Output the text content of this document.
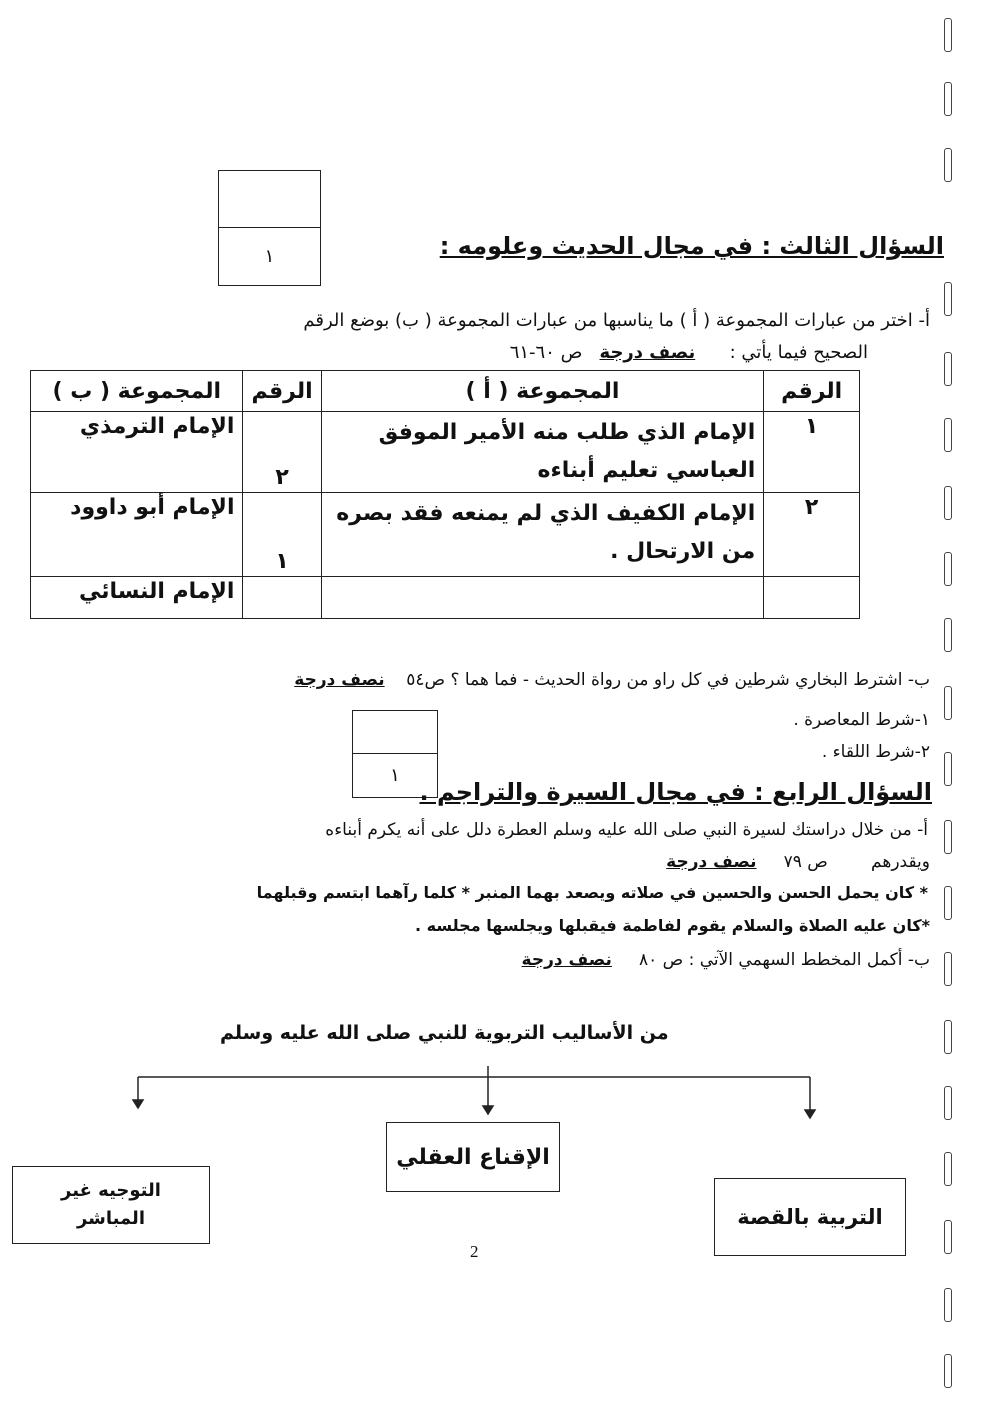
١	السؤال الثالث : في مجال الحديث وعلومه :
أ- اختر من عبارات المجموعة ( أ ) ما يناسبها من عبارات المجموعة ( ب) بوضع الرقم
الصحيح فيما يأتي :      نصف درجة   ص ٦٠-٦١
الرقم	المجموعة ( أ )	الرقم	المجموعة ( ب )
١	الإمام الذي طلب منه الأمير الموفق العباسي تعليم أبناءه	٢	الإمام الترمذي
٢	الإمام الكفيف الذي لم يمنعه فقد بصره من الارتحال .	١	الإمام أبو داوود
			الإمام النسائي
ب- اشترط البخاري شرطين في كل راو من رواة الحديث - فما هما ؟ ص٥٤    نصف درجة
١-شرط المعاصرة .
٢-شرط اللقاء .
١
السؤال الرابع : في مجال السيرة والتراجم .
أ- من خلال دراستك لسيرة النبي صلى الله عليه وسلم العطرة دلل على أنه يكرم أبناءه
ويقدرهم        ص ٧٩     نصف درجة
* كان يحمل الحسن والحسين في صلاته ويصعد بهما المنبر * كلما رآهما ابتسم وقبلهما
*كان عليه الصلاة والسلام يقوم لفاطمة فيقبلها ويجلسها مجلسه .
ب- أكمل المخطط السهمي الآتي : ص ٨٠     نصف درجة
من الأساليب التربوية للنبي صلى الله عليه وسلم
التوجيه غير المباشر
الإقناع العقلي
التربية بالقصة
2
